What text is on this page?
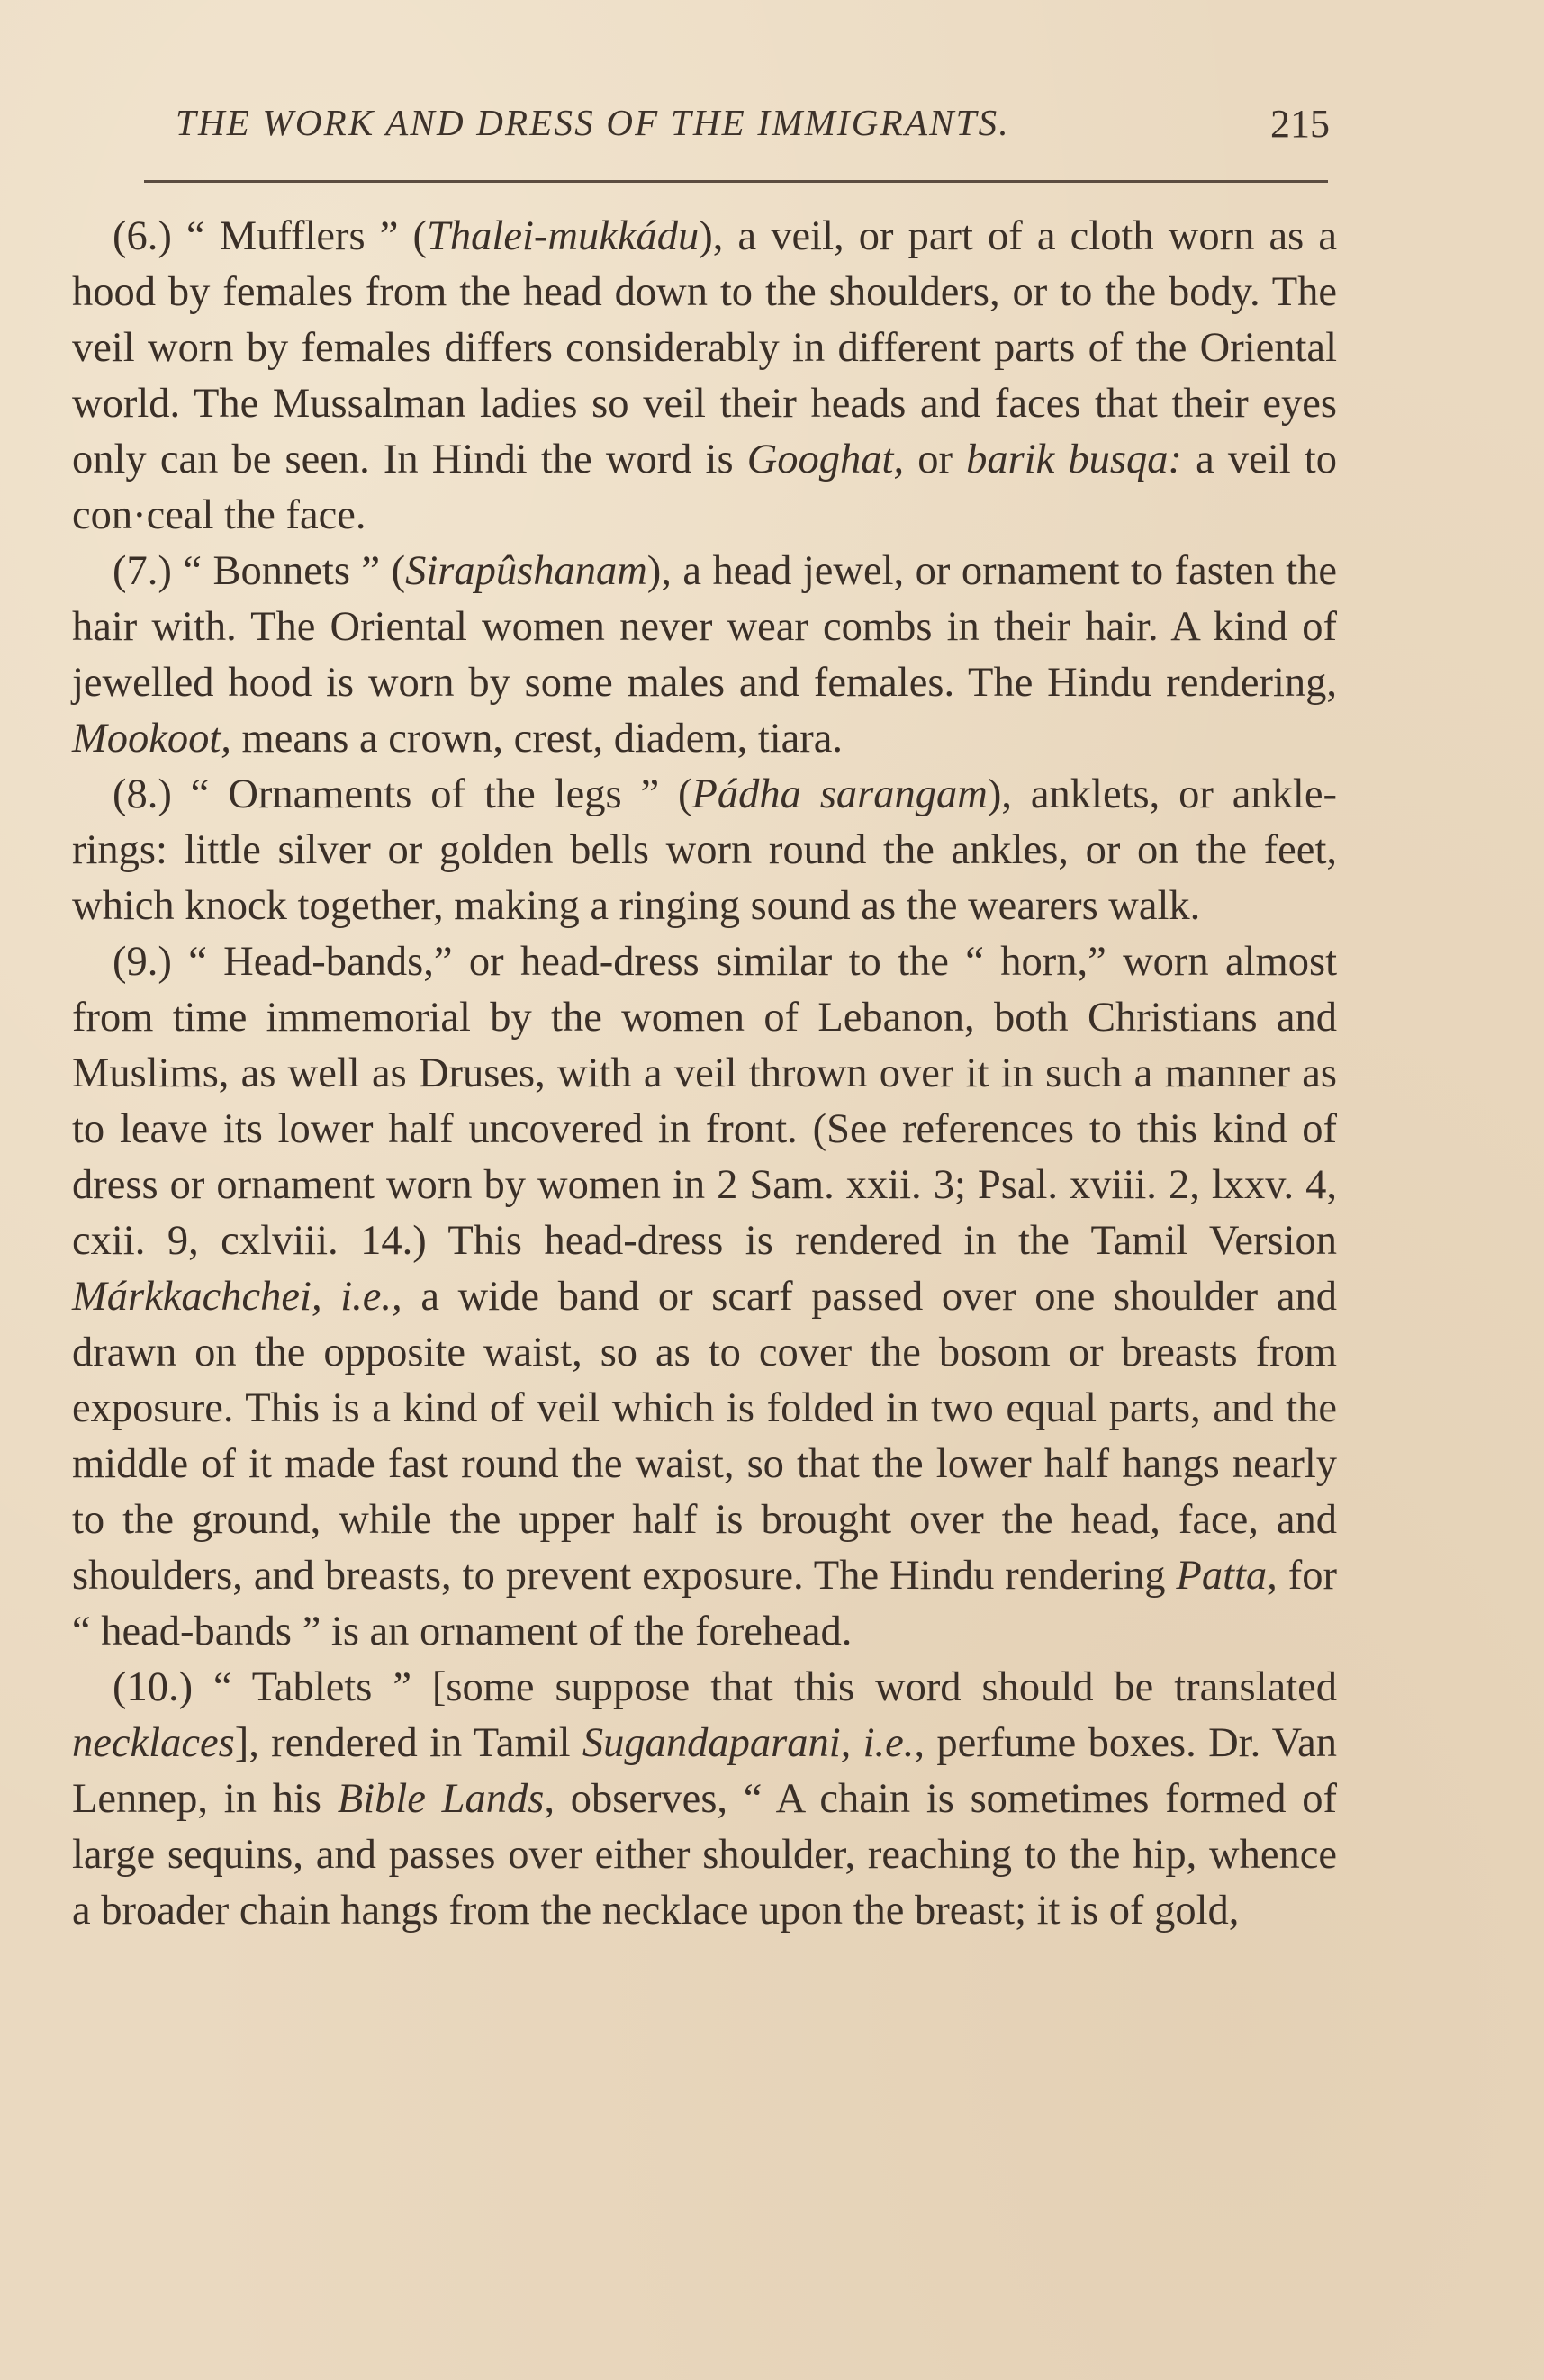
THE WORK AND DRESS OF THE IMMIGRANTS.	215

(6.) “ Mufflers ” (Thalei-mukkádu), a veil, or part of a cloth worn as a hood by females from the head down to the shoulders, or to the body. The veil worn by females differs considerably in different parts of the Oriental world. The Mussalman ladies so veil their heads and faces that their eyes only can be seen. In Hindi the word is Googhat, or barik busqa: a veil to con·ceal the face.

(7.) “ Bonnets ” (Sirapûshanam), a head jewel, or ornament to fasten the hair with. The Oriental women never wear combs in their hair. A kind of jewelled hood is worn by some males and females. The Hindu rendering, Mookoot, means a crown, crest, diadem, tiara.

(8.) “ Ornaments of the legs ” (Pádha sarangam), anklets, or ankle-rings: little silver or golden bells worn round the ankles, or on the feet, which knock together, making a ringing sound as the wearers walk.

(9.) “ Head-bands,” or head-dress similar to the “ horn,” worn almost from time immemorial by the women of Lebanon, both Christians and Muslims, as well as Druses, with a veil thrown over it in such a manner as to leave its lower half uncovered in front. (See references to this kind of dress or ornament worn by women in 2 Sam. xxii. 3; Psal. xviii. 2, lxxv. 4, cxii. 9, cxlviii. 14.) This head-dress is rendered in the Tamil Version Márkkachchei, i.e., a wide band or scarf passed over one shoulder and drawn on the opposite waist, so as to cover the bosom or breasts from exposure. This is a kind of veil which is folded in two equal parts, and the middle of it made fast round the waist, so that the lower half hangs nearly to the ground, while the upper half is brought over the head, face, and shoulders, and breasts, to prevent exposure. The Hindu rendering Patta, for “ head-bands ” is an ornament of the forehead.

(10.) “ Tablets ” [some suppose that this word should be translated necklaces], rendered in Tamil Sugandaparani, i.e., perfume boxes. Dr. Van Lennep, in his Bible Lands, observes, “ A chain is sometimes formed of large sequins, and passes over either shoulder, reaching to the hip, whence a broader chain hangs from the necklace upon the breast; it is of gold,
